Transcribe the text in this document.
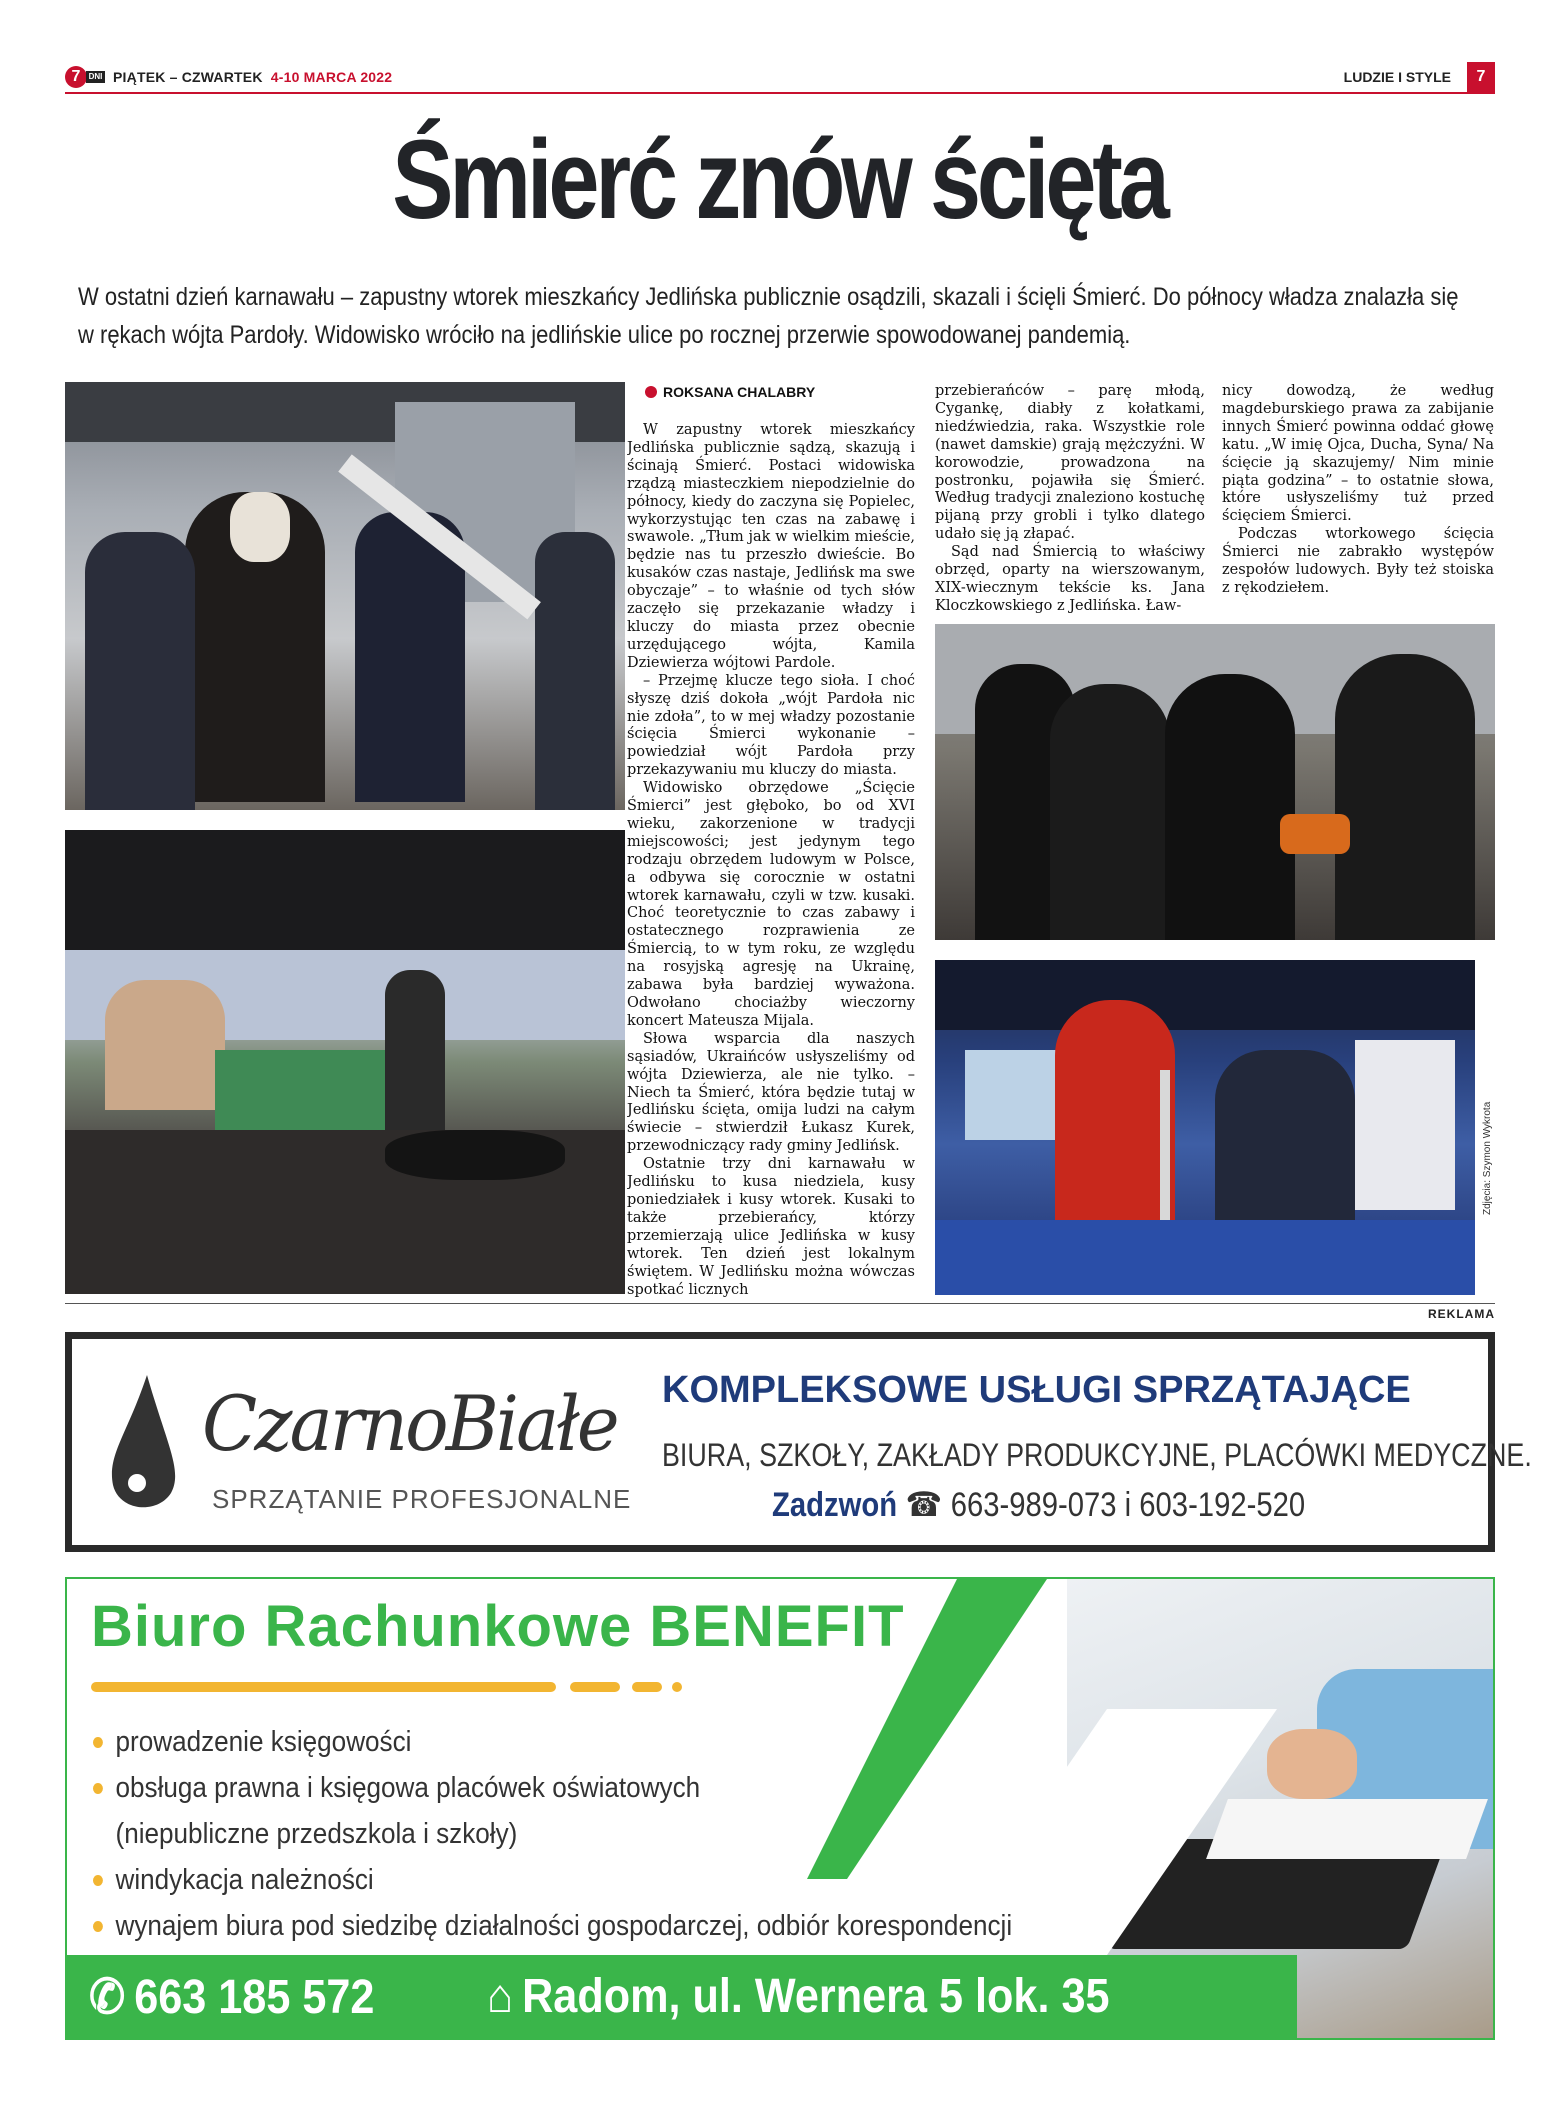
7	DNI PIĄTEK – CZWARTEK 4-10 MARCA 2022	LUDZIE I STYLE	7
Śmierć znów ścięta

W ostatni dzień karnawału – zapustny wtorek mieszkańcy Jedlińska publicznie osądzili, skazali i ścięli Śmierć. Do północy władza znalazła się w rękach wójta Pardoły. Widowisko wróciło na jedlińskie ulice po rocznej przerwie spowodowanej pandemią.

Zdjęcia: Szymon Wykrota
ROKSANA CHALABRY

W zapustny wtorek mieszkańcy Jedlińska publicznie sądzą, skazują i ścinają Śmierć. Postaci widowiska rządzą miasteczkiem niepodzielnie do północy, kiedy do zaczyna się Popielec, wykorzystując ten czas na zabawę i swawole. „Tłum jak w wielkim mieście, będzie nas tu przeszło dwieście. Bo kusaków czas nastaje, Jedlińsk ma swe obyczaje” – to właśnie od tych słów zaczęło się przekazanie władzy i kluczy do miasta przez obecnie urzędującego wójta, Kamila Dziewierza wójtowi Pardole.

– Przejmę klucze tego sioła. I choć słyszę dziś dokoła „wójt Pardoła nic nie zdoła”, to w mej władzy pozostanie ścięcia Śmierci wykonanie – powiedział wójt Pardoła przy przekazywaniu mu kluczy do miasta.

Widowisko obrzędowe „Ścięcie Śmierci” jest głęboko, bo od XVI wieku, zakorzenione w tradycji miejscowości; jest jedynym tego rodzaju obrzędem ludowym w Polsce, a odbywa się corocznie w ostatni wtorek karnawału, czyli w tzw. kusaki. Choć teoretycznie to czas zabawy i ostatecznego rozprawienia ze Śmiercią, to w tym roku, ze względu na rosyjską agresję na Ukrainę, zabawa była bardziej wyważona. Odwołano chociażby wieczorny koncert Mateusza Mijala.

Słowa wsparcia dla naszych sąsiadów, Ukraińców usłyszeliśmy od wójta Dziewierza, ale nie tylko. – Niech ta Śmierć, która będzie tutaj w Jedlińsku ścięta, omija ludzi na całym świecie – stwierdził Łukasz Kurek, przewodniczący rady gminy Jedlińsk.

Ostatnie trzy dni karnawału w Jedlińsku to kusa niedziela, kusy poniedziałek i kusy wtorek. Kusaki to także przebierańcy, którzy przemierzają ulice Jedlińska w kusy wtorek. Ten dzień jest lokalnym świętem. W Jedlińsku można wówczas spotkać licznych

przebierańców – parę młodą, Cygankę, diabły z kołatkami, niedźwiedzia, raka. Wszystkie role (nawet damskie) grają mężczyźni. W korowodzie, prowadzona na postronku, pojawiła się Śmierć. Według tradycji znaleziono kostuchę pijaną przy grobli i tylko dlatego udało się ją złapać.

Sąd nad Śmiercią to właściwy obrzęd, oparty na wierszowanym, XIX-wiecznym tekście ks. Jana Kloczkowskiego z Jedlińska. Ław-

nicy dowodzą, że według magdeburskiego prawa za zabijanie innych Śmierć powinna oddać głowę katu. „W imię Ojca, Ducha, Syna/ Na ścięcie ją skazujemy/ Nim minie piąta godzina” – to ostatnie słowa, które usłyszeliśmy tuż przed ścięciem Śmierci.

Podczas wtorkowego ścięcia Śmierci nie zabrakło występów zespołów ludowych. Były też stoiska z rękodziełem.

REKLAMA
CzarnoBiałe
SPRZĄTANIE PROFESJONALNE
KOMPLEKSOWE USŁUGI SPRZĄTAJĄCE
BIURA, SZKOŁY, ZAKŁADY PRODUKCYJNE, PLACÓWKI MEDYCZNE.
Zadzwoń ☎ 663-989-073 i 603-192-520
Biuro Rachunkowe BENEFIT
prowadzenie księgowości
obsługa prawna i księgowa placówek oświatowych
(niepubliczne przedszkola i szkoły)
windykacja należności
wynajem biura pod siedzibę działalności gospodarczej, odbiór korespondencji
✆ 663 185 572 ⌂ Radom, ul. Wernera 5 lok. 35
